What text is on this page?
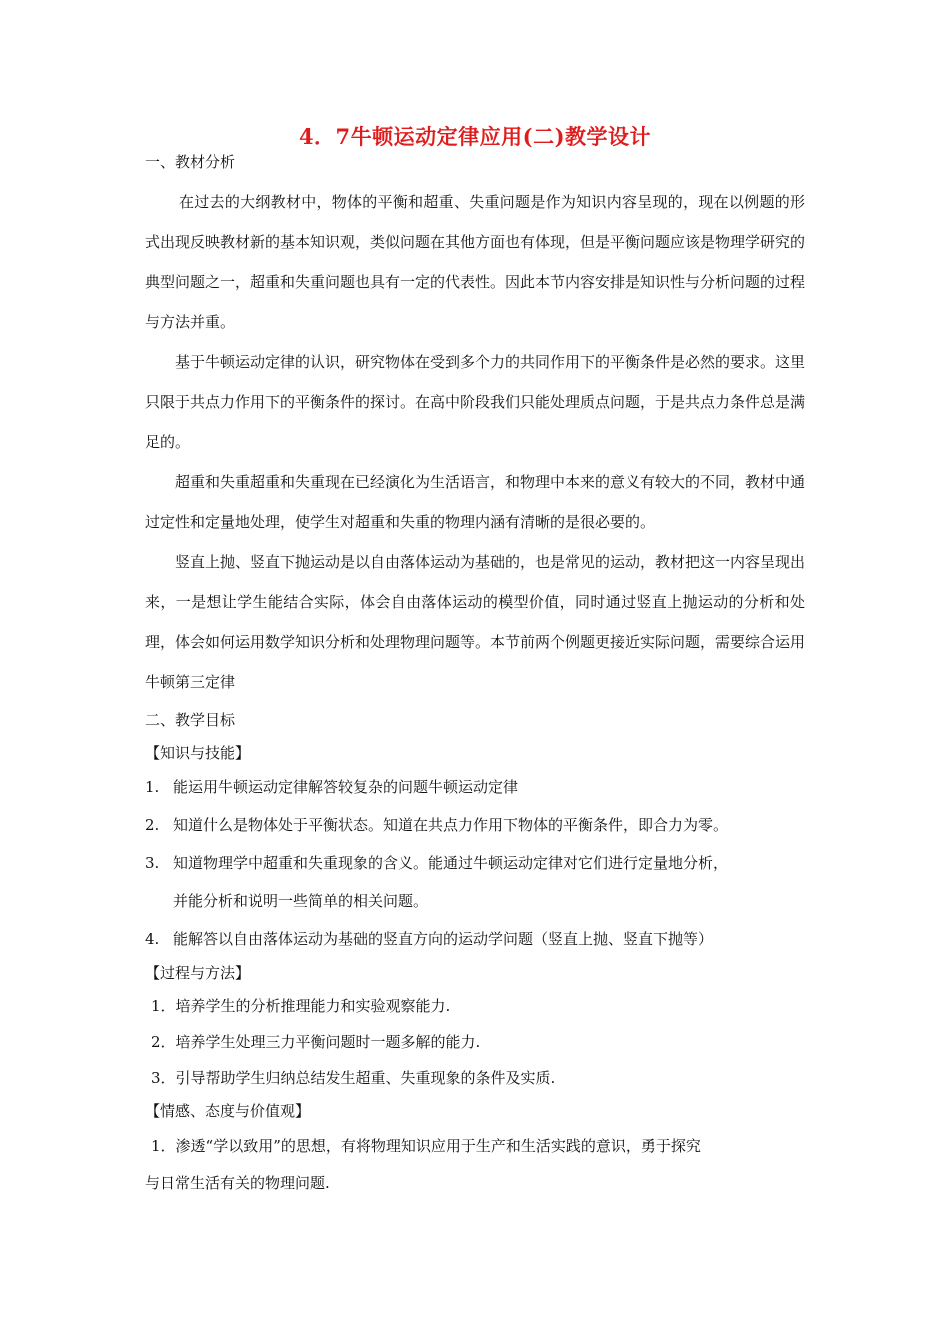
4．7牛顿运动定律应用(二)教学设计

一、教材分析

在过去的大纲教材中，物体的平衡和超重、失重问题是作为知识内容呈现的，现在以例题的形式出现反映教材新的基本知识观，类似问题在其他方面也有体现，但是平衡问题应该是物理学研究的典型问题之一，超重和失重问题也具有一定的代表性。因此本节内容安排是知识性与分析问题的过程与方法并重。

基于牛顿运动定律的认识，研究物体在受到多个力的共同作用下的平衡条件是必然的要求。这里只限于共点力作用下的平衡条件的探讨。在高中阶段我们只能处理质点问题，于是共点力条件总是满足的。

超重和失重超重和失重现在已经演化为生活语言，和物理中本来的意义有较大的不同，教材中通过定性和定量地处理，使学生对超重和失重的物理内涵有清晰的是很必要的。

竖直上抛、竖直下抛运动是以自由落体运动为基础的，也是常见的运动，教材把这一内容呈现出来，一是想让学生能结合实际，体会自由落体运动的模型价值，同时通过竖直上抛运动的分析和处理，体会如何运用数学知识分析和处理物理问题等。本节前两个例题更接近实际问题，需要综合运用牛顿第三定律

二、教学目标

【知识与技能】

1. 能运用牛顿运动定律解答较复杂的问题牛顿运动定律
2. 知道什么是物体处于平衡状态。知道在共点力作用下物体的平衡条件，即合力为零。
3. 知道物理学中超重和失重现象的含义。能通过牛顿运动定律对它们进行定量地分析，

并能分析和说明一些简单的相关问题。

4. 能解答以自由落体运动为基础的竖直方向的运动学问题（竖直上抛、竖直下抛等）

【过程与方法】

1．培养学生的分析推理能力和实验观察能力.

2．培养学生处理三力平衡问题时一题多解的能力.

3．引导帮助学生归纳总结发生超重、失重现象的条件及实质.

【情感、态度与价值观】

1．渗透“学以致用”的思想，有将物理知识应用于生产和生活实践的意识，勇于探究

与日常生活有关的物理问题.
